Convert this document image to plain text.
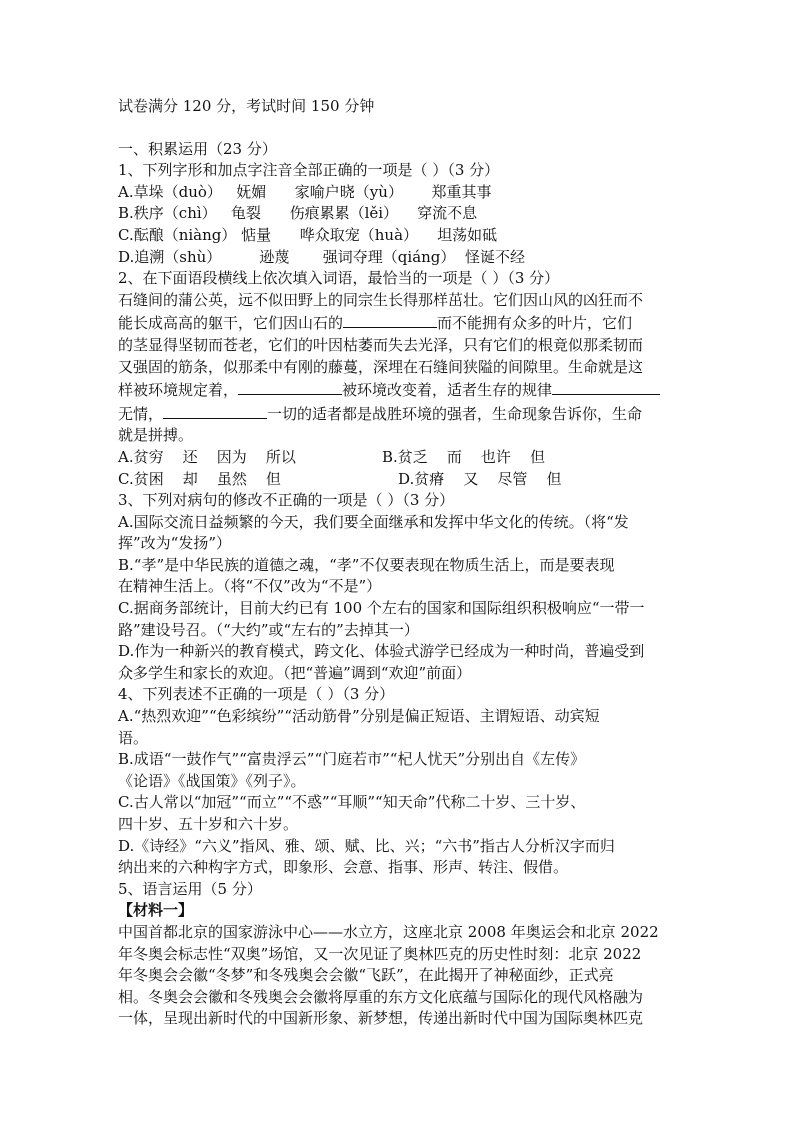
试卷满分 120 分，考试时间 150 分钟
一、积累运用（23 分）
1、下列字形和加点字注音全部正确的一项是（ ）（3 分）
A.草垛（duò）   妩媚      家喻户晓（yù）      郑重其事
B.秩序（chì）   龟裂      伤痕累累（lěi）    穿流不息
C.酝酿（niàng） 惦量      哗众取宠（huà）    坦荡如砥
D.追溯（shù）        逊蔑       强词夺理（qiáng）  怪诞不经
2、在下面语段横线上依次填入词语，最恰当的一项是（ ）（3 分）
石缝间的蒲公英，远不似田野上的同宗生长得那样茁壮。它们因山风的凶狂而不
能长成高高的躯干，它们因山石的	而不能拥有众多的叶片，它们
的茎显得坚韧而苍老，它们的叶因枯萎而失去光泽，只有它们的根竟似那柔韧而
又强固的筋条，似那柔中有刚的藤蔓，深埋在石缝间狭隘的间隙里。生命就是这
样被环境规定着，	被环境改变着，适者生存的规律
无情，	一切的适者都是战胜环境的强者，生命现象告诉你，生命
就是拼搏。
A.贫穷    还    因为    所以	B.贫乏    而    也许    但
C.贫困    却    虽然    但	D.贫瘠    又    尽管    但
3、下列对病句的修改不正确的一项是（ ）（3 分）
A.国际交流日益频繁的今天，我们要全面继承和发挥中华文化的传统。（将“发
挥”改为“发扬”）
B.“孝”是中华民族的道德之魂，“孝”不仅要表现在物质生活上，而是要表现
在精神生活上。（将“不仅”改为“不是”）
C.据商务部统计，目前大约已有 100 个左右的国家和国际组织积极响应“一带一
路”建设号召。（“大约”或“左右的”去掉其一）
D.作为一种新兴的教育模式，跨文化、体验式游学已经成为一种时尚，普遍受到
众多学生和家长的欢迎。（把“普遍”调到“欢迎”前面）
4、下列表述不正确的一项是（ ）（3 分）
A.“热烈欢迎”“色彩缤纷”“活动筋骨”分别是偏正短语、主谓短语、动宾短
语。
B.成语“一鼓作气”“富贵浮云”“门庭若市”“杞人忧天”分别出自《左传》
《论语》《战国策》《列子》。
C.古人常以“加冠”“而立”“不惑”“耳顺”“知天命”代称二十岁、三十岁、
四十岁、五十岁和六十岁。
D.《诗经》“六义”指风、雅、颂、赋、比、兴；“六书”指古人分析汉字而归
纳出来的六种构字方式，即象形、会意、指事、形声、转注、假借。
5、语言运用（5 分）
【材料一】
中国首都北京的国家游泳中心——水立方，这座北京 2008 年奥运会和北京 2022
年冬奥会标志性“双奥”场馆，又一次见证了奥林匹克的历史性时刻：北京 2022
年冬奥会会徽“冬梦”和冬残奥会会徽“飞跃”，在此揭开了神秘面纱，正式亮
相。冬奥会会徽和冬残奥会会徽将厚重的东方文化底蕴与国际化的现代风格融为
一体，呈现出新时代的中国新形象、新梦想，传递出新时代中国为国际奥林匹克
